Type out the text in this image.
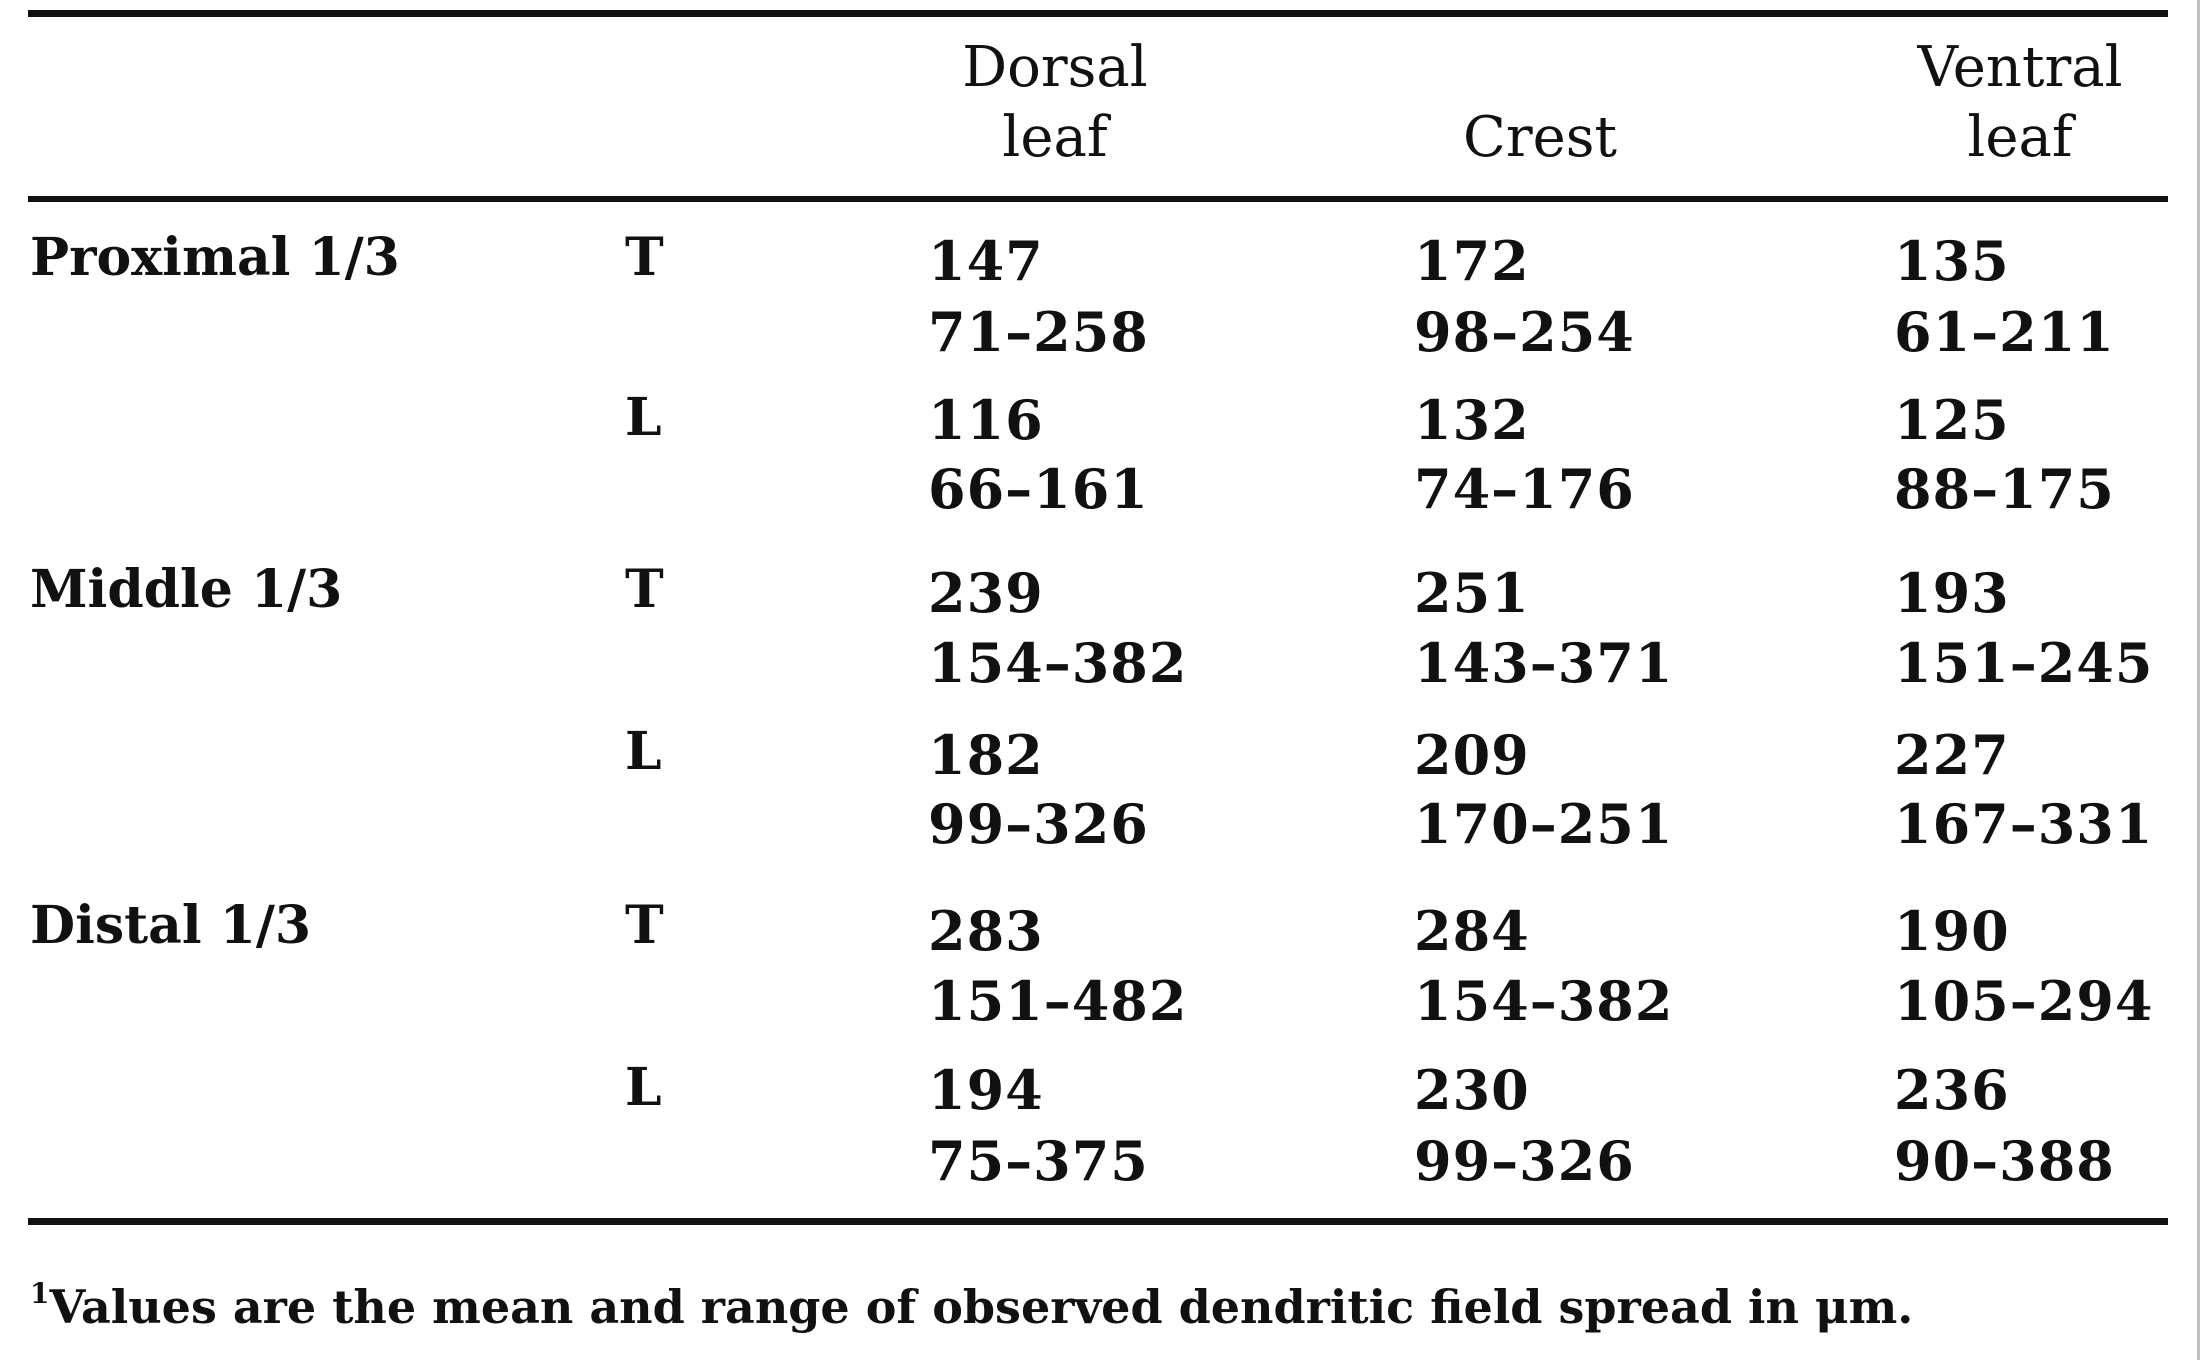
Dorsal
leaf	Crest
Ventral
leaf
Proximal 1/3
Middle 1/3
Distal 1/3
T
L
T
L
T
L
147
71–258
172
98–254
135
61–211
116
66–161
132
74–176
125
88–175
239
154–382
251
143–371
193
151–245
182
99–326
209
170–251
227
167–331
283
151–482
284
154–382
190
105–294
194
75–375
230
99–326
236
90–388
$^1$Values are the mean and range of observed dendritic field spread in μm.
